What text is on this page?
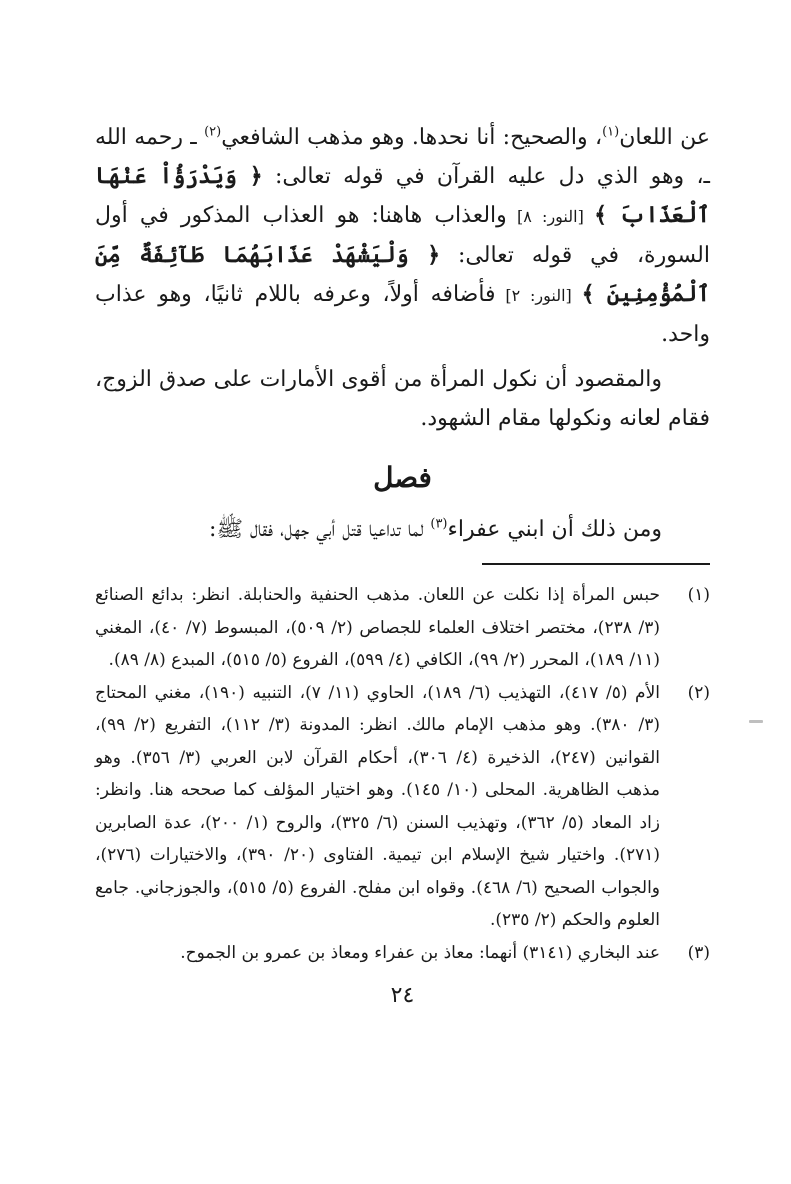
عن اللعان$^{(١)}$، والصحيح: أنا نحدها. وهو مذهب الشافعي$^{(٢)}$ ـ رحمه الله ـ، وهو الذي دل عليه القرآن في قوله تعالى: ﴿ وَيَدْرَؤُاْ عَنْهَا ٱلْعَذَابَ ﴾ [النور: ٨] والعذاب هاهنا: هو العذاب المذكور في أول السورة، في قوله تعالى: ﴿ وَلْيَشْهَدْ عَذَابَهُمَا طَآئِفَةٌ مِّنَ ٱلْمُؤْمِنِينَ ﴾ [النور: ٢] فأضافه أولاً، وعرفه باللام ثانيًا، وهو عذاب واحد.

والمقصود أن نكول المرأة من أقوى الأمارات على صدق الزوج، فقام لعانه ونكولها مقام الشهود.

فصل

ومن ذلك أن ابني عفراء$^{(٣)}$ لما تداعيا قتل أبي جهل، فقال ﷺ:

(١)
حبس المرأة إذا نكلت عن اللعان. مذهب الحنفية والحنابلة. انظر: بدائع الصنائع (٣/ ٢٣٨)، مختصر اختلاف العلماء للجصاص (٢/ ٥٠٩)، المبسوط (٧/ ٤٠)، المغني (١١/ ١٨٩)، المحرر (٢/ ٩٩)، الكافي (٤/ ٥٩٩)، الفروع (٥/ ٥١٥)، المبدع (٨/ ٨٩).
(٢)
الأم (٥/ ٤١٧)، التهذيب (٦/ ١٨٩)، الحاوي (١١/ ٧)، التنبيه (١٩٠)، مغني المحتاج (٣/ ٣٨٠). وهو مذهب الإمام مالك. انظر: المدونة (٣/ ١١٢)، التفريع (٢/ ٩٩)، القوانين (٢٤٧)، الذخيرة (٤/ ٣٠٦)، أحكام القرآن لابن العربي (٣/ ٣٥٦). وهو مذهب الظاهرية. المحلى (١٠/ ١٤٥). وهو اختيار المؤلف كما صححه هنا. وانظر: زاد المعاد (٥/ ٣٦٢)، وتهذيب السنن (٦/ ٣٢٥)، والروح (١/ ٢٠٠)، عدة الصابرين (٢٧١). واختيار شيخ الإسلام ابن تيمية. الفتاوى (٢٠/ ٣٩٠)، والاختيارات (٢٧٦)، والجواب الصحيح (٦/ ٤٦٨). وقواه ابن مفلح. الفروع (٥/ ٥١٥)، والجوزجاني. جامع العلوم والحكم (٢/ ٢٣٥).
(٣)
عند البخاري (٣١٤١) أنهما: معاذ بن عفراء ومعاذ بن عمرو بن الجموح.
٢٤
